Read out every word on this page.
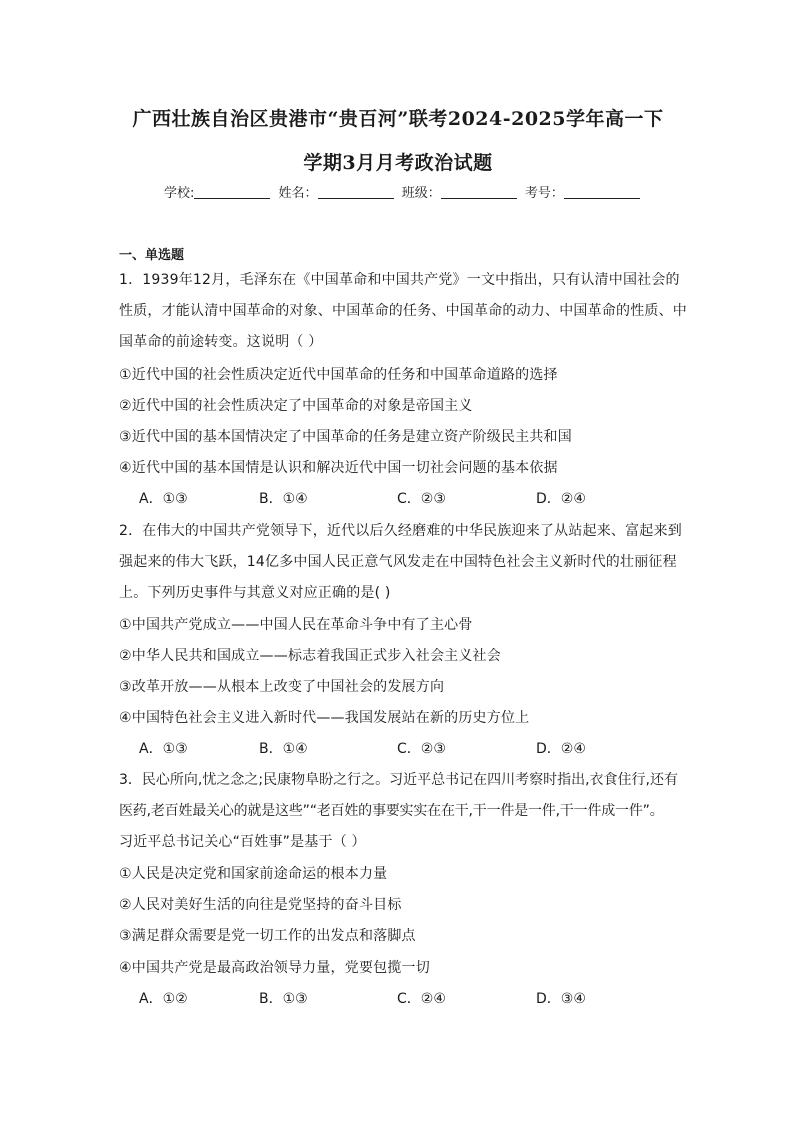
广西壮族自治区贵港市“贵百河”联考2024-2025学年高一下
学期3月月考政治试题
学校:	姓名：	班级：	考号：
一、单选题
1．1939年12月，毛泽东在《中国革命和中国共产党》一文中指出，只有认清中国社会的
性质，才能认清中国革命的对象、中国革命的任务、中国革命的动力、中国革命的性质、中
国革命的前途转变。这说明（ ）
①近代中国的社会性质决定近代中国革命的任务和中国革命道路的选择
②近代中国的社会性质决定了中国革命的对象是帝国主义
③近代中国的基本国情决定了中国革命的任务是建立资产阶级民主共和国
④近代中国的基本国情是认识和解决近代中国一切社会问题的基本依据
A．①③	B．①④	C．②③	D．②④
2．在伟大的中国共产党领导下，近代以后久经磨难的中华民族迎来了从站起来、富起来到
强起来的伟大飞跃，14亿多中国人民正意气风发走在中国特色社会主义新时代的壮丽征程
上。下列历史事件与其意义对应正确的是( )
①中国共产党成立——中国人民在革命斗争中有了主心骨
②中华人民共和国成立——标志着我国正式步入社会主义社会
③改革开放——从根本上改变了中国社会的发展方向
④中国特色社会主义进入新时代——我国发展站在新的历史方位上
A．①③	B．①④	C．②③	D．②④
3．民心所向,忧之念之;民康物阜盼之行之。习近平总书记在四川考察时指出,衣食住行,还有
医药,老百姓最关心的就是这些”“老百姓的事要实实在在干,干一件是一件,干一件成一件”。
习近平总书记关心“百姓事”是基于（ ）
①人民是决定党和国家前途命运的根本力量
②人民对美好生活的向往是党坚持的奋斗目标
③满足群众需要是党一切工作的出发点和落脚点
④中国共产党是最高政治领导力量，党要包揽一切
A．①②	B．①③	C．②④	D．③④
